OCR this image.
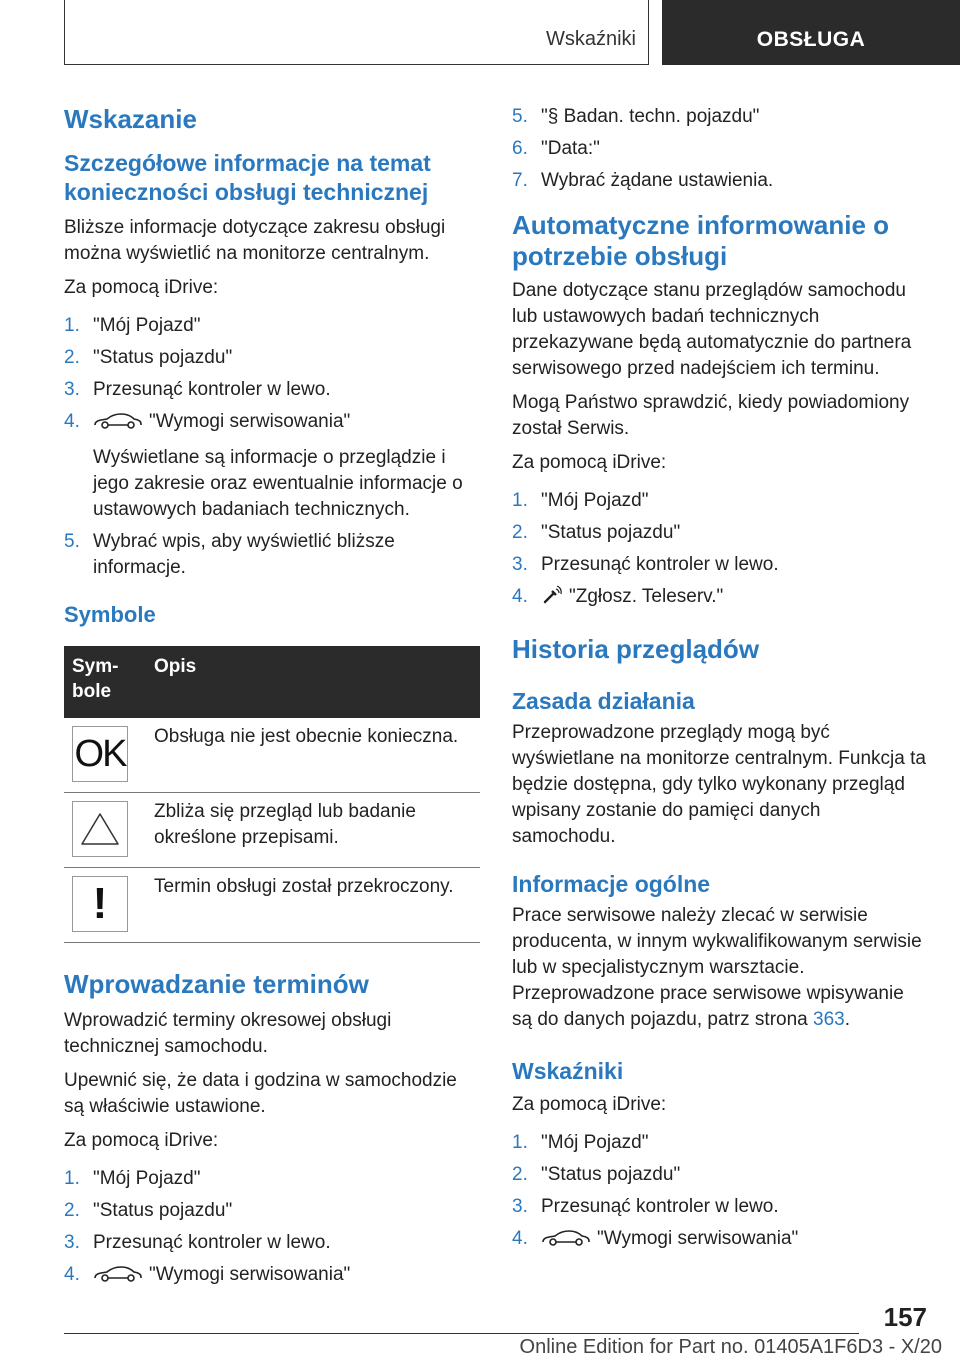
Wskaźniki	OBSŁUGA
Wskazanie
Szczegółowe informacje na temat konieczności obsługi technicznej

Bliższe informacje dotyczące zakresu obsługi można wyświetlić na monitorze centralnym.

Za pomocą iDrive:

1. "Mój Pojazd"
2. "Status pojazdu"
3. Przesunąć kontroler w lewo.
4.	"Wymogi serwisowania"
Wyświetlane są informacje o przeglądzie i jego zakresie oraz ewentualnie informacje o ustawowych badaniach technicznych.
5. Wybrać wpis, aby wyświetlić bliższe informacje.
Symbole
Sym-
bole	Opis

OK	Obsługa nie jest obecnie konieczna.

	Zbliża się przegląd lub badanie określone przepisami.

!	Termin obsługi został przekroczony.
Wprowadzanie terminów

Wprowadzić terminy okresowej obsługi technicznej samochodu.

Upewnić się, że data i godzina w samochodzie są właściwie ustawione.

Za pomocą iDrive:

1. "Mój Pojazd"
2. "Status pojazdu"
3. Przesunąć kontroler w lewo.
4.	"Wymogi serwisowania"
5. "§ Badan. techn. pojazdu"
6. "Data:"
7. Wybrać żądane ustawienia.
Automatyczne informowanie o potrzebie obsługi

Dane dotyczące stanu przeglądów samochodu lub ustawowych badań technicznych przekazywane będą automatycznie do partnera serwisowego przed nadejściem ich terminu.

Mogą Państwo sprawdzić, kiedy powiadomiony został Serwis.

Za pomocą iDrive:

1. "Mój Pojazd"
2. "Status pojazdu"
3. Przesunąć kontroler w lewo.
4. "Zgłosz. Teleserv."
Historia przeglądów
Zasada działania

Przeprowadzone przeglądy mogą być wyświetlane na monitorze centralnym. Funkcja ta będzie dostępna, gdy tylko wykonany przegląd wpisany zostanie do pamięci danych samochodu.

Informacje ogólne

Prace serwisowe należy zlecać w serwisie producenta, w innym wykwalifikowanym serwisie lub w specjalistycznym warsztacie. Przeprowadzone prace serwisowe wpisywanie są do danych pojazdu, patrz strona 363.

Wskaźniki

Za pomocą iDrive:

1. "Mój Pojazd"
2. "Status pojazdu"
3. Przesunąć kontroler w lewo.
4.	"Wymogi serwisowania"
157
Online Edition for Part no. 01405A1F6D3 - X/20
